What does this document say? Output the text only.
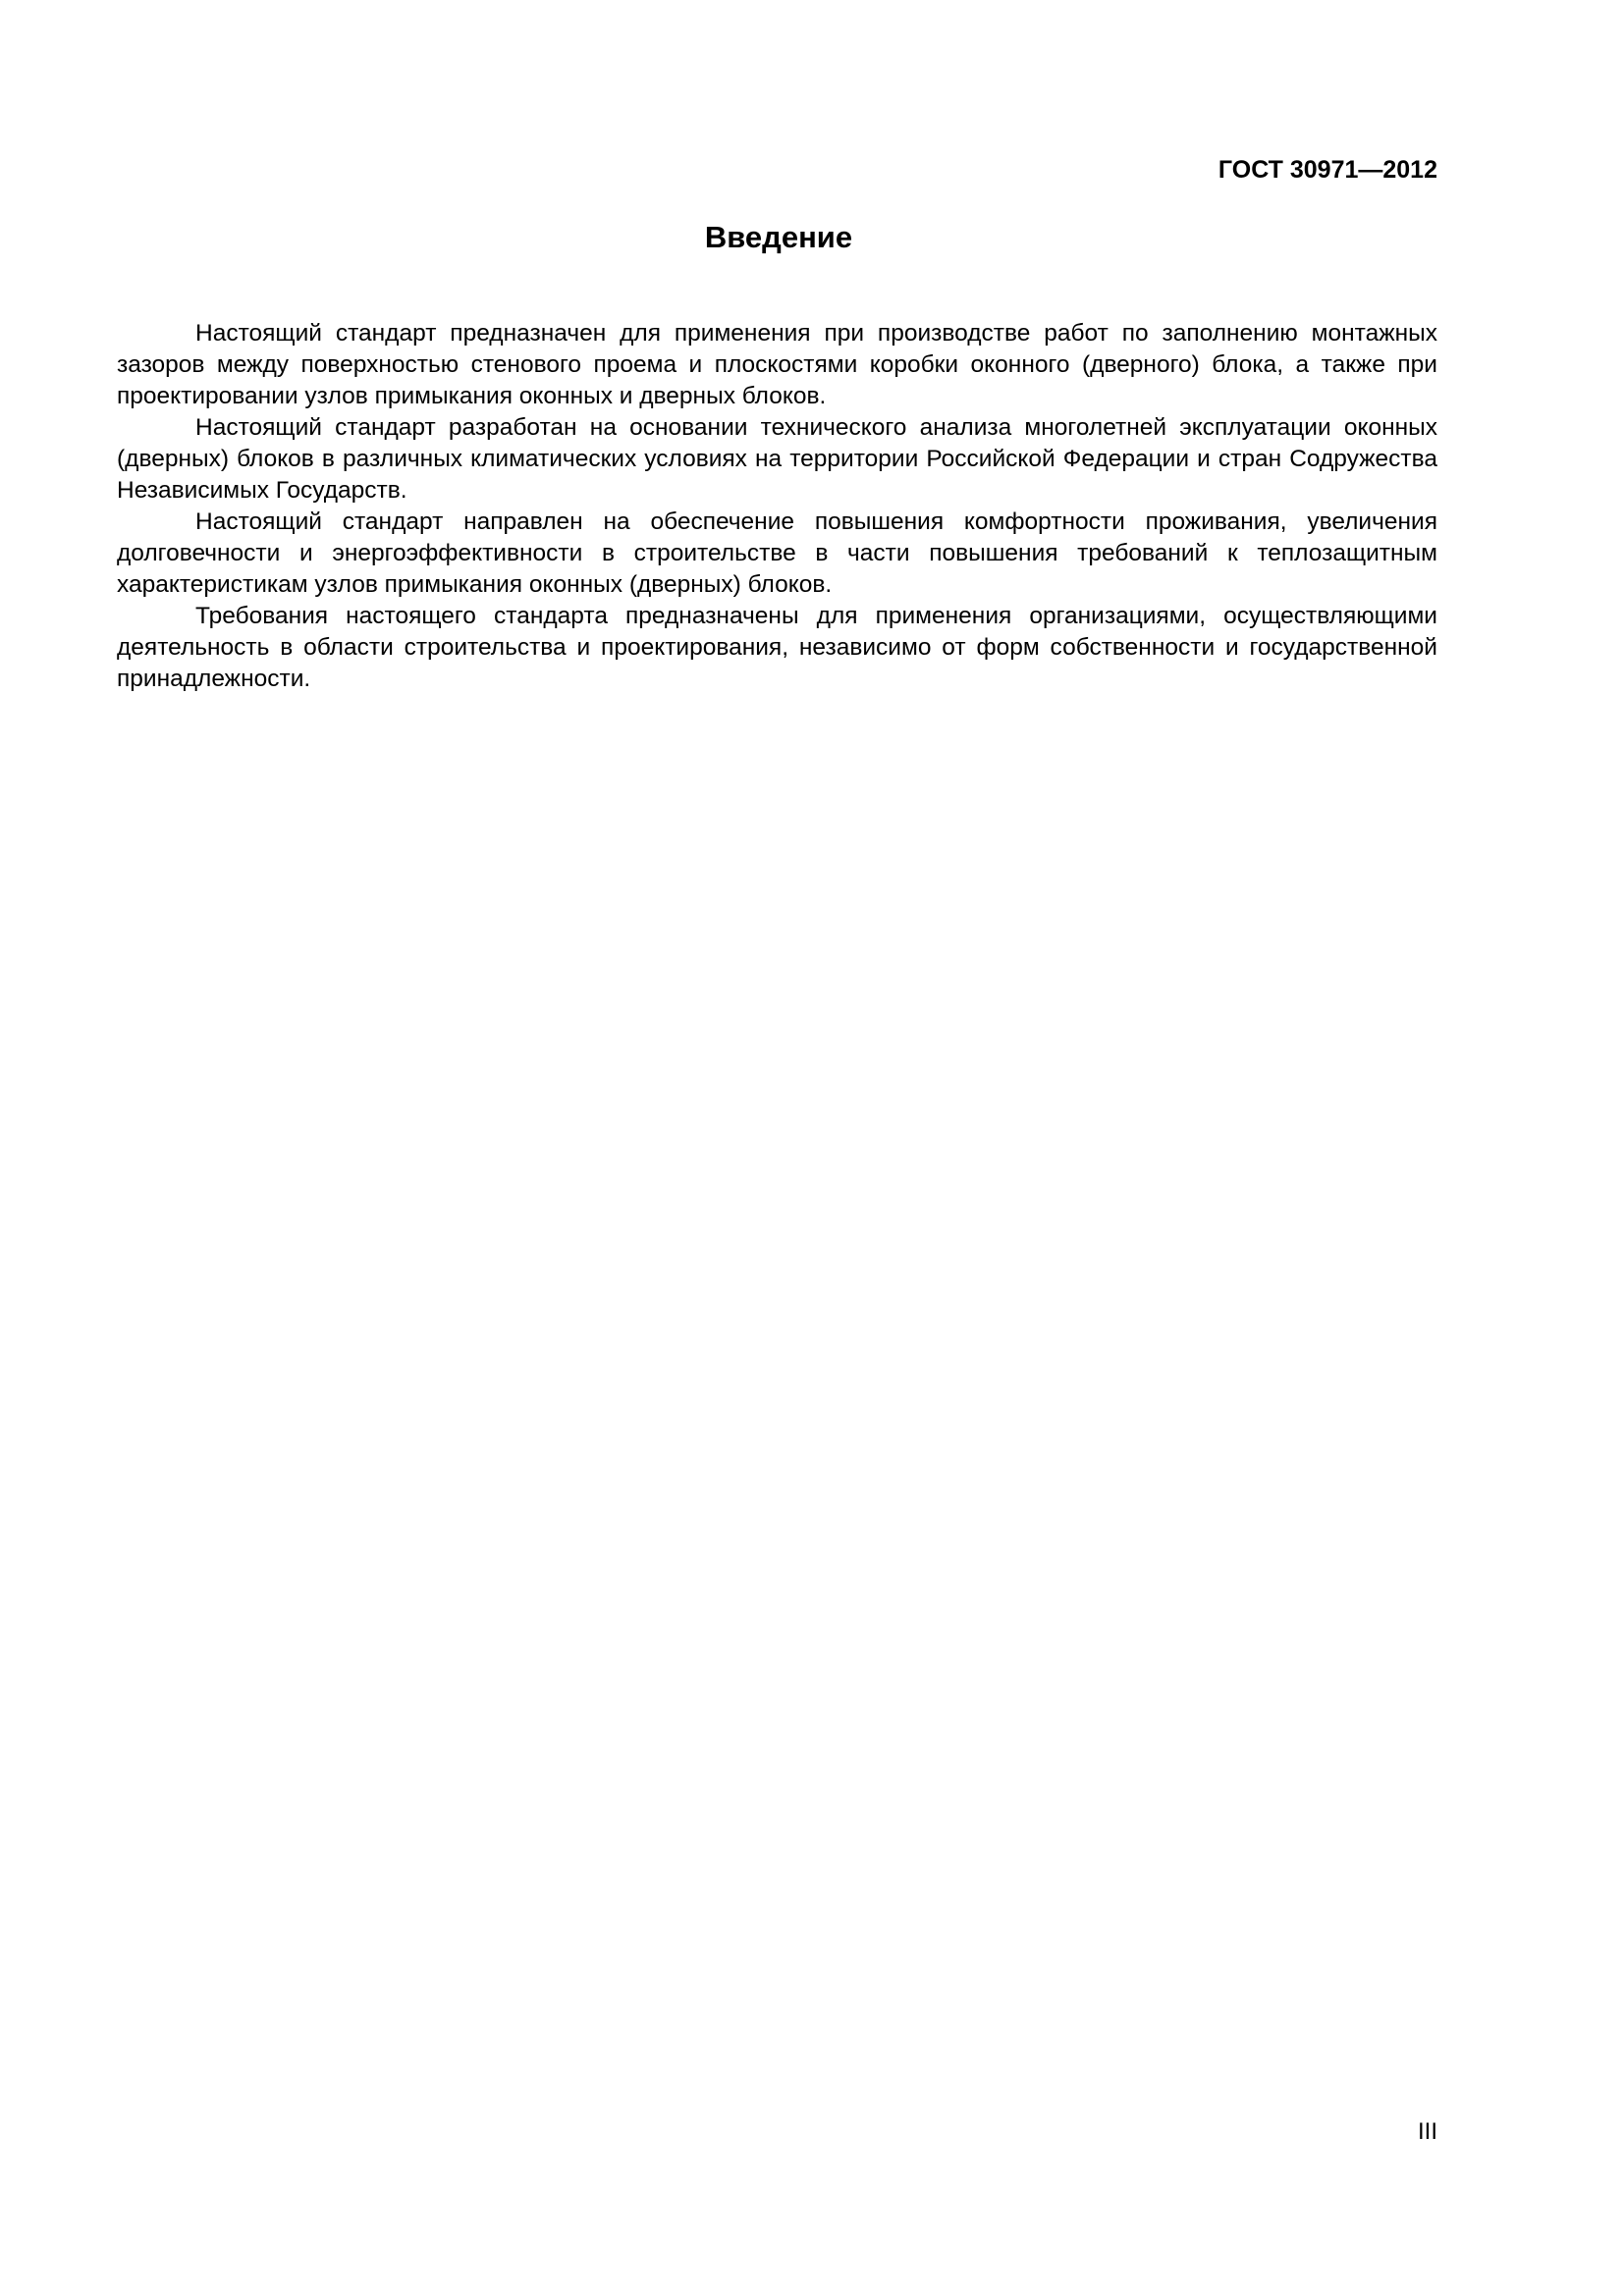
ГОСТ 30971—2012
Введение

Настоящий стандарт предназначен для применения при производстве работ по заполнению монтажных зазоров между поверхностью стенового проема и плоскостями коробки оконного (дверного) блока, а также при проектировании узлов примыкания оконных и дверных блоков.

Настоящий стандарт разработан на основании технического анализа многолетней эксплуатации оконных (дверных) блоков в различных климатических условиях на территории Российской Федерации и стран Содружества Независимых Государств.

Настоящий стандарт направлен на обеспечение повышения комфортности проживания, увеличения долговечности и энергоэффективности в строительстве в части повышения требований к теплозащитным характеристикам узлов примыкания оконных (дверных) блоков.

Требования настоящего стандарта предназначены для применения организациями, осуществляющими деятельность в области строительства и проектирования, независимо от форм собственности и государственной принадлежности.

III
